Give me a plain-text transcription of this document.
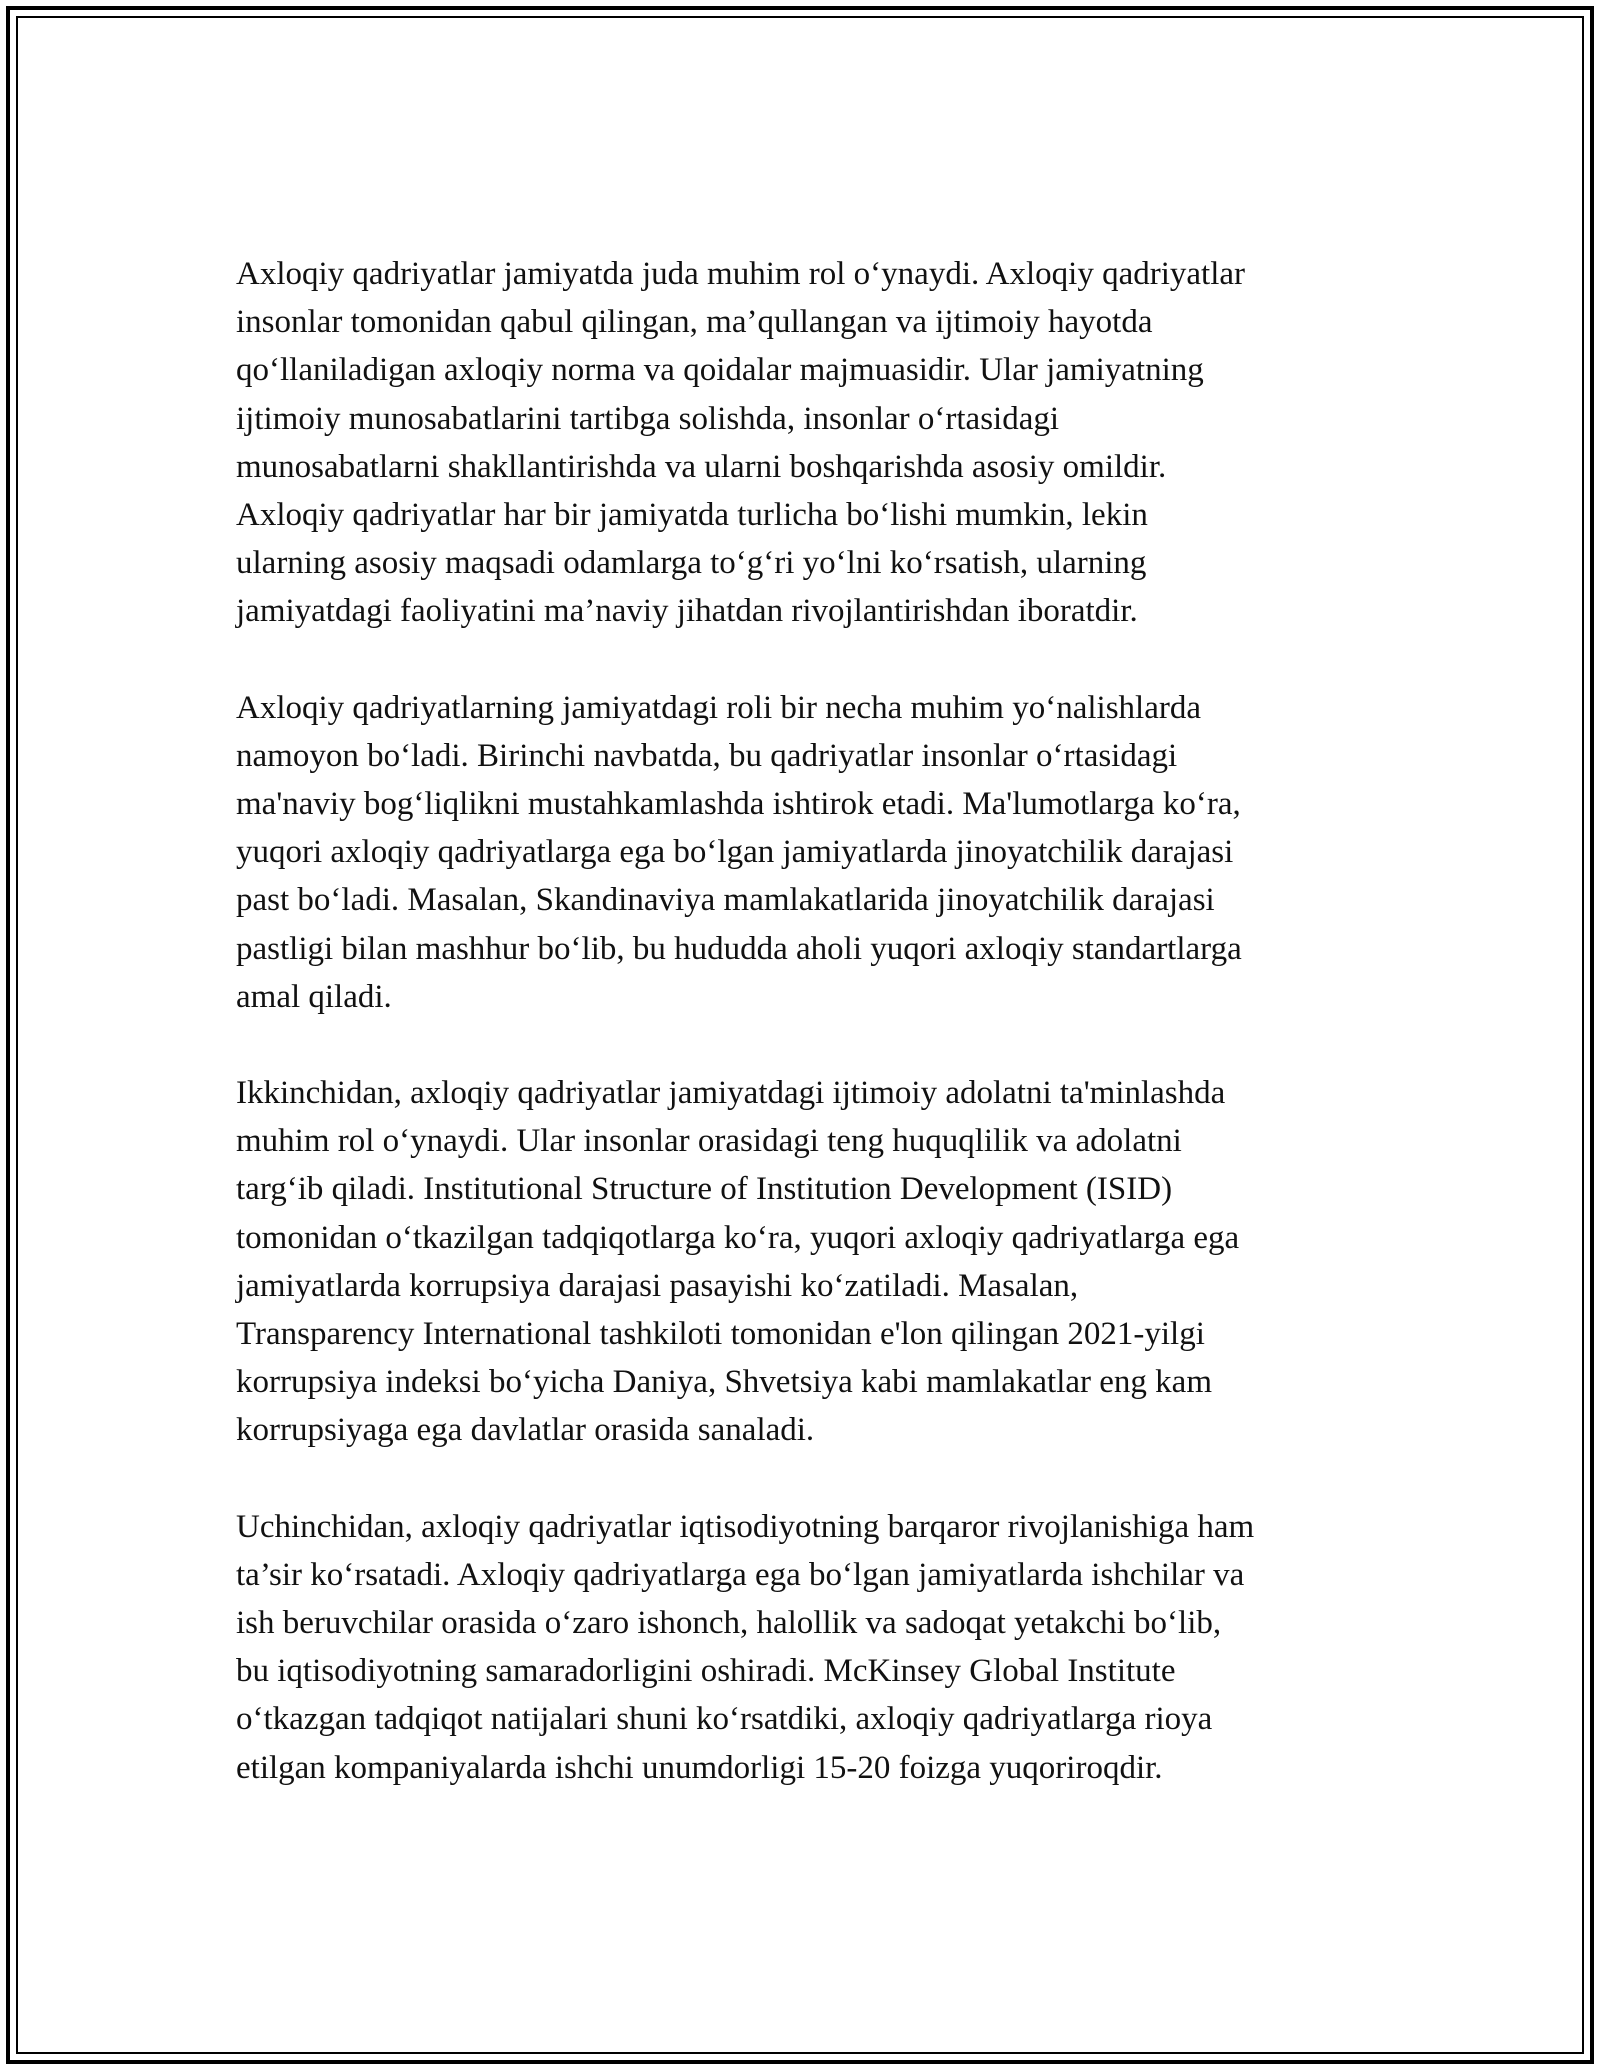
Axloqiy qadriyatlar jamiyatda juda muhim rol o‘ynaydi. Axloqiy qadriyatlar
insonlar tomonidan qabul qilingan, ma’qullangan va ijtimoiy hayotda
qo‘llaniladigan axloqiy norma va qoidalar majmuasidir. Ular jamiyatning
ijtimoiy munosabatlarini tartibga solishda, insonlar o‘rtasidagi
munosabatlarni shakllantirishda va ularni boshqarishda asosiy omildir.
Axloqiy qadriyatlar har bir jamiyatda turlicha bo‘lishi mumkin, lekin
ularning asosiy maqsadi odamlarga to‘g‘ri yo‘lni ko‘rsatish, ularning
jamiyatdagi faoliyatini ma’naviy jihatdan rivojlantirishdan iboratdir.

Axloqiy qadriyatlarning jamiyatdagi roli bir necha muhim yo‘nalishlarda
namoyon bo‘ladi. Birinchi navbatda, bu qadriyatlar insonlar o‘rtasidagi
ma'naviy bog‘liqlikni mustahkamlashda ishtirok etadi. Ma'lumotlarga ko‘ra,
yuqori axloqiy qadriyatlarga ega bo‘lgan jamiyatlarda jinoyatchilik darajasi
past bo‘ladi. Masalan, Skandinaviya mamlakatlarida jinoyatchilik darajasi
pastligi bilan mashhur bo‘lib, bu hududda aholi yuqori axloqiy standartlarga
amal qiladi.

Ikkinchidan, axloqiy qadriyatlar jamiyatdagi ijtimoiy adolatni ta'minlashda
muhim rol o‘ynaydi. Ular insonlar orasidagi teng huquqlilik va adolatni
targ‘ib qiladi. Institutional Structure of Institution Development (ISID)
tomonidan o‘tkazilgan tadqiqotlarga ko‘ra, yuqori axloqiy qadriyatlarga ega
jamiyatlarda korrupsiya darajasi pasayishi ko‘zatiladi. Masalan,
Transparency International tashkiloti tomonidan e'lon qilingan 2021-yilgi
korrupsiya indeksi bo‘yicha Daniya, Shvetsiya kabi mamlakatlar eng kam
korrupsiyaga ega davlatlar orasida sanaladi.

Uchinchidan, axloqiy qadriyatlar iqtisodiyotning barqaror rivojlanishiga ham
ta’sir ko‘rsatadi. Axloqiy qadriyatlarga ega bo‘lgan jamiyatlarda ishchilar va
ish beruvchilar orasida o‘zaro ishonch, halollik va sadoqat yetakchi bo‘lib,
bu iqtisodiyotning samaradorligini oshiradi. McKinsey Global Institute
o‘tkazgan tadqiqot natijalari shuni ko‘rsatdiki, axloqiy qadriyatlarga rioya
etilgan kompaniyalarda ishchi unumdorligi 15-20 foizga yuqoriroqdir.
